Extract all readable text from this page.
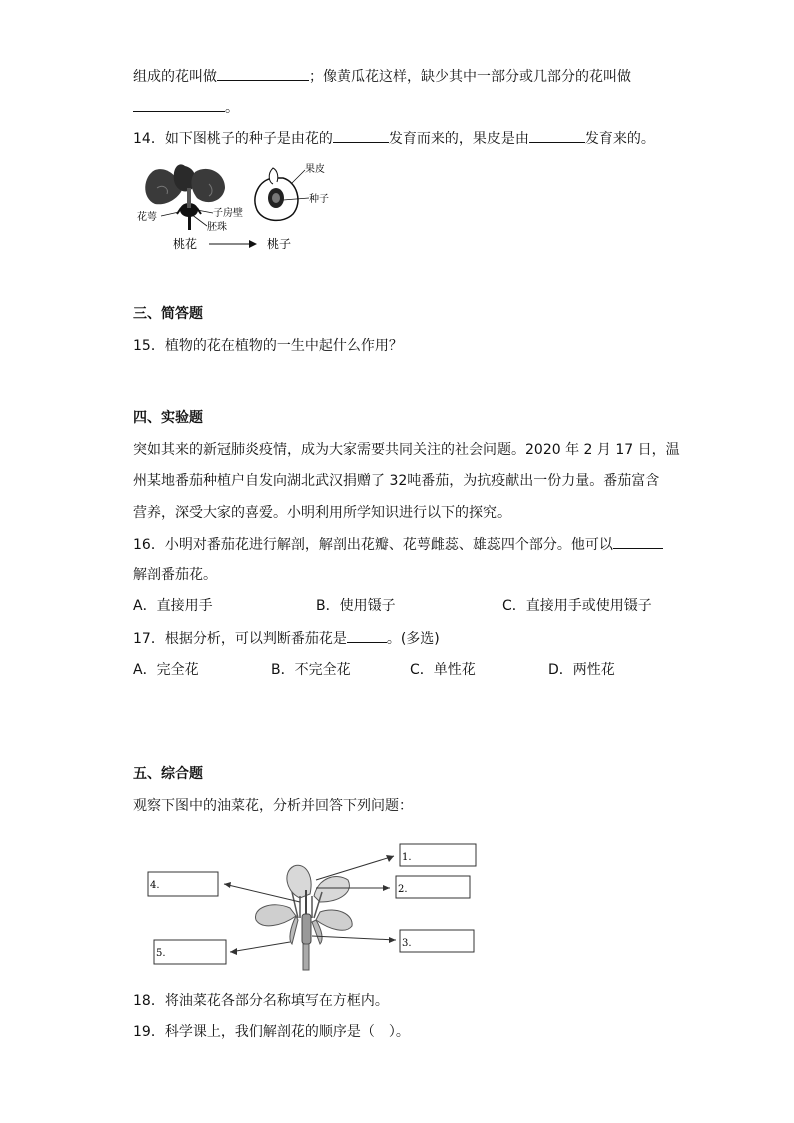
组成的花叫做	；像黄瓜花这样，缺少其中一部分或几部分的花叫做
。
14．如下图桃子的种子是由花的	发育而来的，果皮是由	发育来的。
花萼	子房壁
胚珠
桃花	桃子
果皮
种子
三、简答题
15．植物的花在植物的一生中起什么作用？
四、实验题
突如其来的新冠肺炎疫情，成为大家需要共同关注的社会问题。2020 年 2 月 17 日，温
州某地番茄种植户自发向湖北武汉捐赠了 32吨番茄，为抗疫献出一份力量。番茄富含
营养，深受大家的喜爱。小明利用所学知识进行以下的探究。
16．小明对番茄花进行解剖，解剖出花瓣、花萼雌蕊、雄蕊四个部分。他可以
解剖番茄花。
A．直接用手	B．使用镊子	C．直接用手或使用镊子
17．根据分析，可以判断番茄花是	。(多选)
A．完全花	B．不完全花	C．单性花	D．两性花
五、综合题
观察下图中的油菜花，分析并回答下列问题：
1.
2.
3.
4.
5.
18．将油菜花各部分名称填写在方框内。
19．科学课上，我们解剖花的顺序是（　）。
